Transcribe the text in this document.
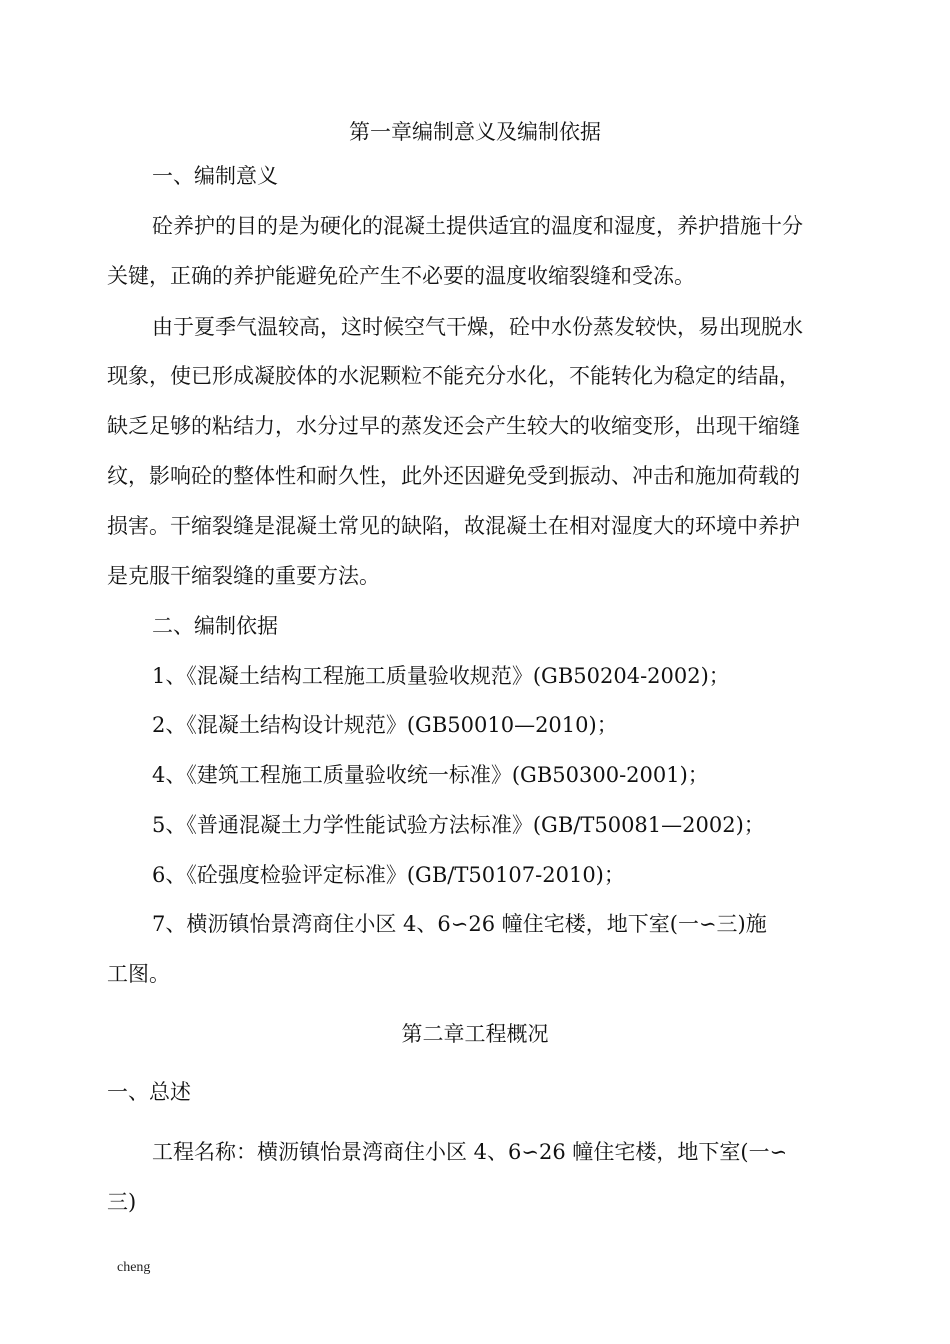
第一章编制意义及编制依据
一、编制意义
砼养护的目的是为硬化的混凝土提供适宜的温度和湿度，养护措施十分
关键，正确的养护能避免砼产生不必要的温度收缩裂缝和受冻。
由于夏季气温较高，这时候空气干燥，砼中水份蒸发较快，易出现脱水
现象，使已形成凝胶体的水泥颗粒不能充分水化，不能转化为稳定的结晶，
缺乏足够的粘结力，水分过早的蒸发还会产生较大的收缩变形，出现干缩缝
纹，影响砼的整体性和耐久性，此外还因避免受到振动、冲击和施加荷载的
损害。干缩裂缝是混凝土常见的缺陷，故混凝土在相对湿度大的环境中养护
是克服干缩裂缝的重要方法。
二、编制依据
1、《混凝土结构工程施工质量验收规范》(GB50204-2002)；
2、《混凝土结构设计规范》(GB50010—2010)；
4、《建筑工程施工质量验收统一标准》(GB50300-2001)；
5、《普通混凝土力学性能试验方法标准》(GB/T50081—2002)；
6、《砼强度检验评定标准》(GB/T50107-2010)；
7、横沥镇怡景湾商住小区 4、6∽26 幢住宅楼，地下室(一∽三)施
工图。
第二章工程概况
一、总述
工程名称：横沥镇怡景湾商住小区 4、6∽26 幢住宅楼，地下室(一∽
三)
cheng
